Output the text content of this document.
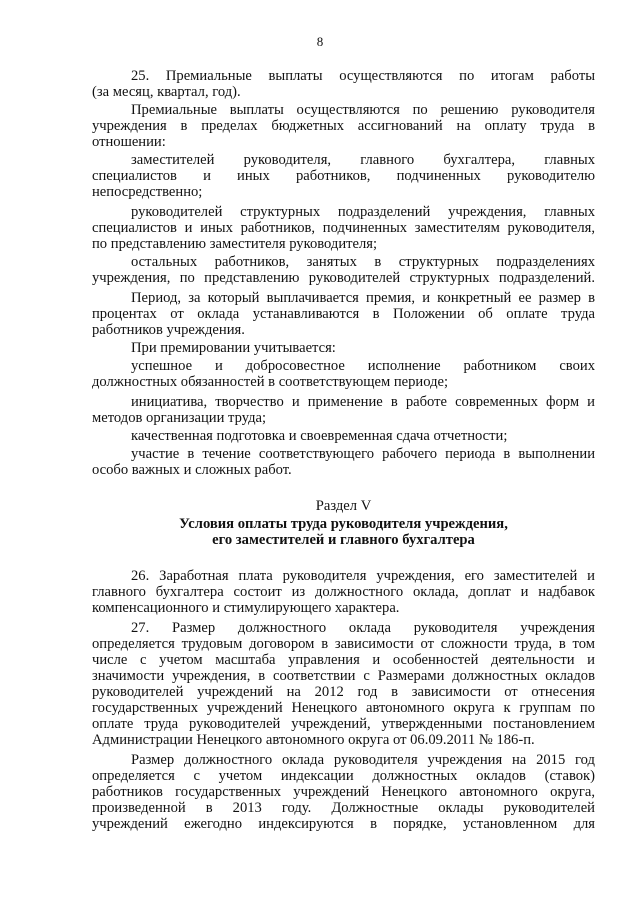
8
25. Премиальные выплаты осуществляются по итогам работы
(за месяц, квартал, год).
Премиальные выплаты осуществляются по решению руководителя
учреждения в пределах бюджетных ассигнований на оплату труда в
отношении:
заместителей руководителя, главного бухгалтера, главных
специалистов и иных работников, подчиненных руководителю
непосредственно;
руководителей структурных подразделений учреждения, главных
специалистов и иных работников, подчиненных заместителям руководителя,
по представлению заместителя руководителя;
остальных работников, занятых в структурных подразделениях
учреждения, по представлению руководителей структурных подразделений.
Период, за который выплачивается премия, и конкретный ее размер в
процентах от оклада устанавливаются в Положении об оплате труда
работников учреждения.
При премировании учитывается:
успешное и добросовестное исполнение работником своих
должностных обязанностей в соответствующем периоде;
инициатива, творчество и применение в работе современных форм и
методов организации труда;
качественная подготовка и своевременная сдача отчетности;
участие в течение соответствующего рабочего периода в выполнении
особо важных и сложных работ.
Раздел V
Условия оплаты труда руководителя учреждения,
его заместителей и главного бухгалтера
26. Заработная плата руководителя учреждения, его заместителей и
главного бухгалтера состоит из должностного оклада, доплат и надбавок
компенсационного и стимулирующего характера.
27. Размер должностного оклада руководителя учреждения
определяется трудовым договором в зависимости от сложности труда, в том
числе с учетом масштаба управления и особенностей деятельности и
значимости учреждения, в соответствии с Размерами должностных окладов
руководителей учреждений на 2012 год в зависимости от отнесения
государственных учреждений Ненецкого автономного округа к группам по
оплате труда руководителей учреждений, утвержденными постановлением
Администрации Ненецкого автономного округа от 06.09.2011 № 186-п.
Размер должностного оклада руководителя учреждения на 2015 год
определяется с учетом индексации должностных окладов (ставок)
работников государственных учреждений Ненецкого автономного округа,
произведенной в 2013 году. Должностные оклады руководителей
учреждений ежегодно индексируются в порядке, установленном для
